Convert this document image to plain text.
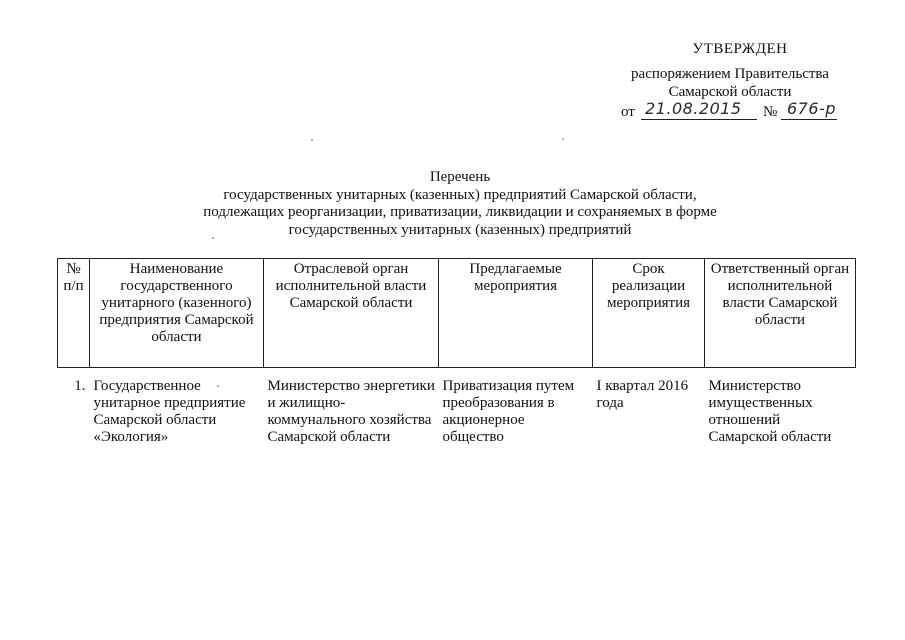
УТВЕРЖДЕН
распоряжением Правительства
Самарской области
от 21.08.2015 № 676-р
Перечень
государственных унитарных (казенных) предприятий Самарской области,
подлежащих реорганизации, приватизации, ликвидации и сохраняемых в форме
государственных унитарных (казенных) предприятий
№ п/п	Наименование государственного унитарного (казенного) предприятия Самарской области	Отраслевой орган исполнительной власти Самарской области	Предлагаемые мероприятия	Срок реализации мероприятия	Ответственный орган исполнительной власти Самарской области
1.	Государственное унитарное предприятие Самарской области «Экология»	Министерство энергетики и жилищно-коммунального хозяйства Самарской области	Приватизация путем преобразования в акционерное общество	I квартал 2016 года	Министерство имущественных отношений Самарской области
